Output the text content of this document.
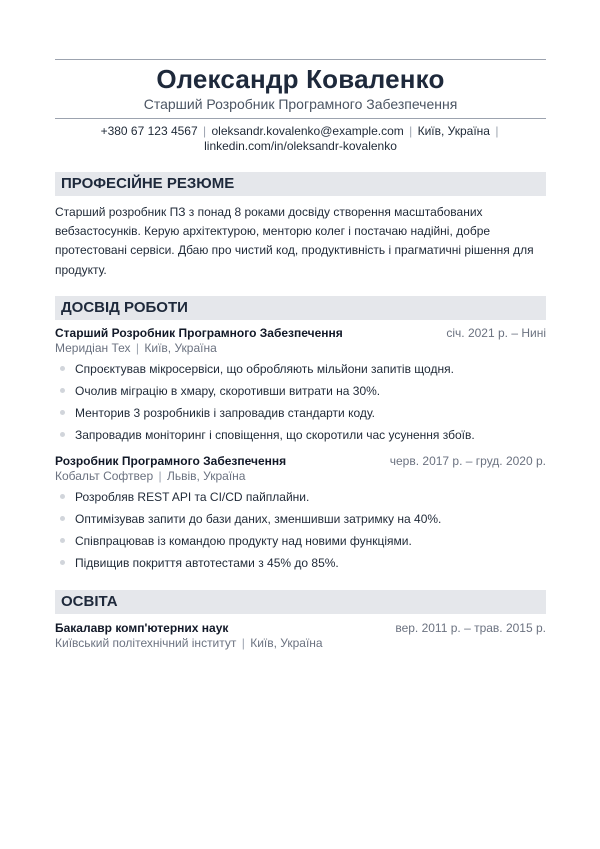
Олександр Коваленко
Старший Розробник Програмного Забезпечення
+380 67 123 4567 | oleksandr.kovalenko@example.com | Київ, Україна |
linkedin.com/in/oleksandr-kovalenko
ПРОФЕСІЙНЕ РЕЗЮМЕ
Старший розробник ПЗ з понад 8 роками досвіду створення масштабованих вебзастосунків. Керую архітектурою, менторю колег і постачаю надійні, добре протестовані сервіси. Дбаю про чистий код, продуктивність і прагматичні рішення для продукту.
ДОСВІД РОБОТИ
Старший Розробник Програмного Забезпечення	січ. 2021 р. – Нині
Меридіан Тех | Київ, Україна
Спроєктував мікросервіси, що обробляють мільйони запитів щодня.
Очолив міграцію в хмару, скоротивши витрати на 30%.
Менторив 3 розробників і запровадив стандарти коду.
Запровадив моніторинг і сповіщення, що скоротили час усунення збоїв.
Розробник Програмного Забезпечення	черв. 2017 р. – груд. 2020 р.
Кобальт Софтвер | Львів, Україна
Розробляв REST API та CI/CD пайплайни.
Оптимізував запити до бази даних, зменшивши затримку на 40%.
Співпрацював із командою продукту над новими функціями.
Підвищив покриття автотестами з 45% до 85%.
ОСВІТА
Бакалавр комп'ютерних наук	вер. 2011 р. – трав. 2015 р.
Київський політехнічний інститут | Київ, Україна
